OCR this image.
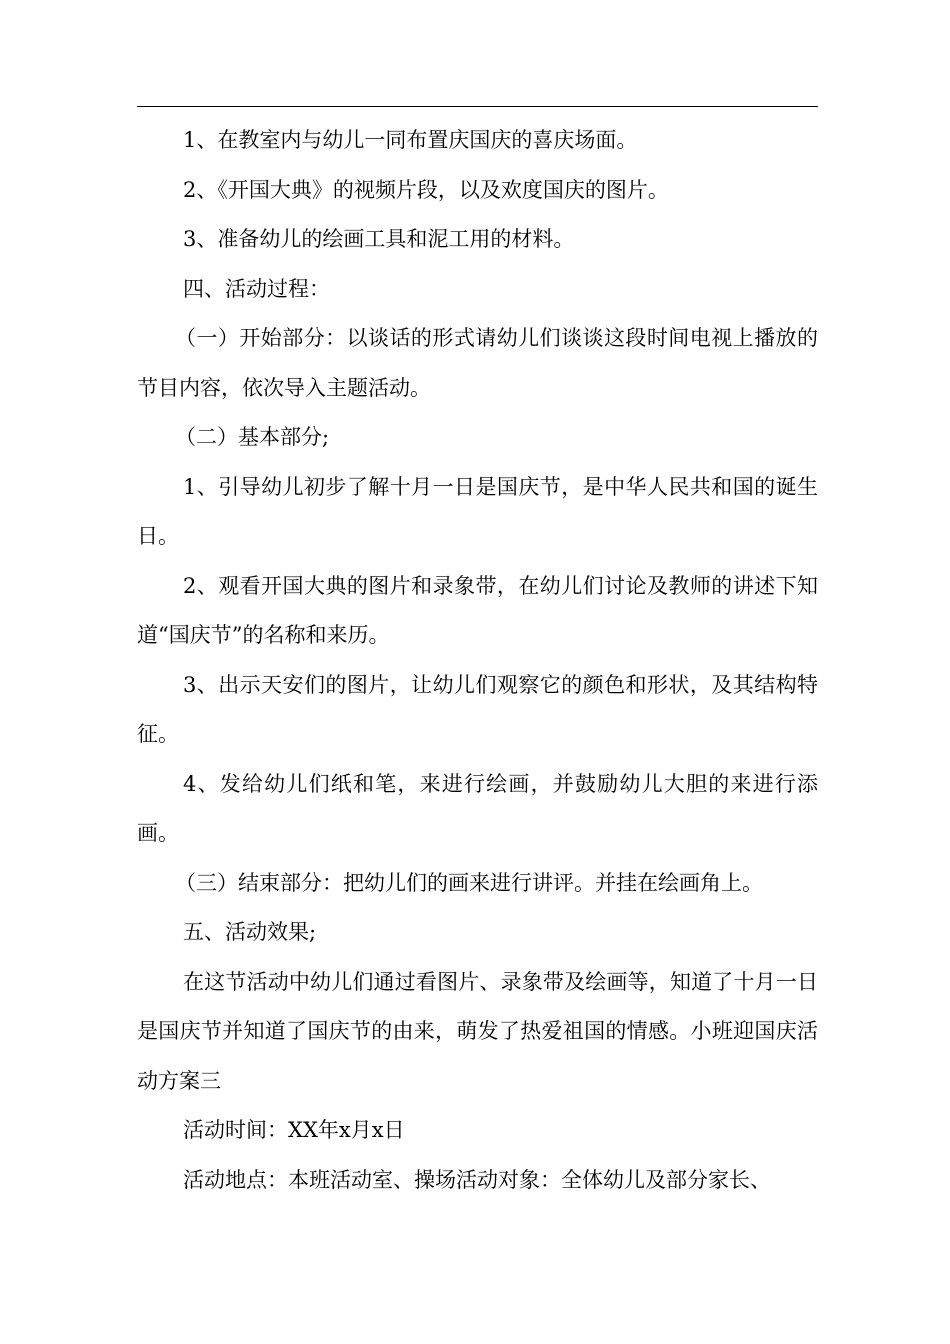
1、在教室内与幼儿一同布置庆国庆的喜庆场面。

2、《开国大典》的视频片段，以及欢度国庆的图片。

3、准备幼儿的绘画工具和泥工用的材料。

四、活动过程：

（一）开始部分：以谈话的形式请幼儿们谈谈这段时间电视上播放的节目内容，依次导入主题活动。

（二）基本部分;

1、引导幼儿初步了解十月一日是国庆节，是中华人民共和国的诞生日。

2、观看开国大典的图片和录象带，在幼儿们讨论及教师的讲述下知道“国庆节”的名称和来历。

3、出示天安们的图片，让幼儿们观察它的颜色和形状，及其结构特征。

4、发给幼儿们纸和笔，来进行绘画，并鼓励幼儿大胆的来进行添画。

（三）结束部分：把幼儿们的画来进行讲评。并挂在绘画角上。

五、活动效果;

在这节活动中幼儿们通过看图片、录象带及绘画等，知道了十月一日是国庆节并知道了国庆节的由来，萌发了热爱祖国的情感。小班迎国庆活动方案三

活动时间：XX年x月x日

活动地点：本班活动室、操场活动对象：全体幼儿及部分家长、
